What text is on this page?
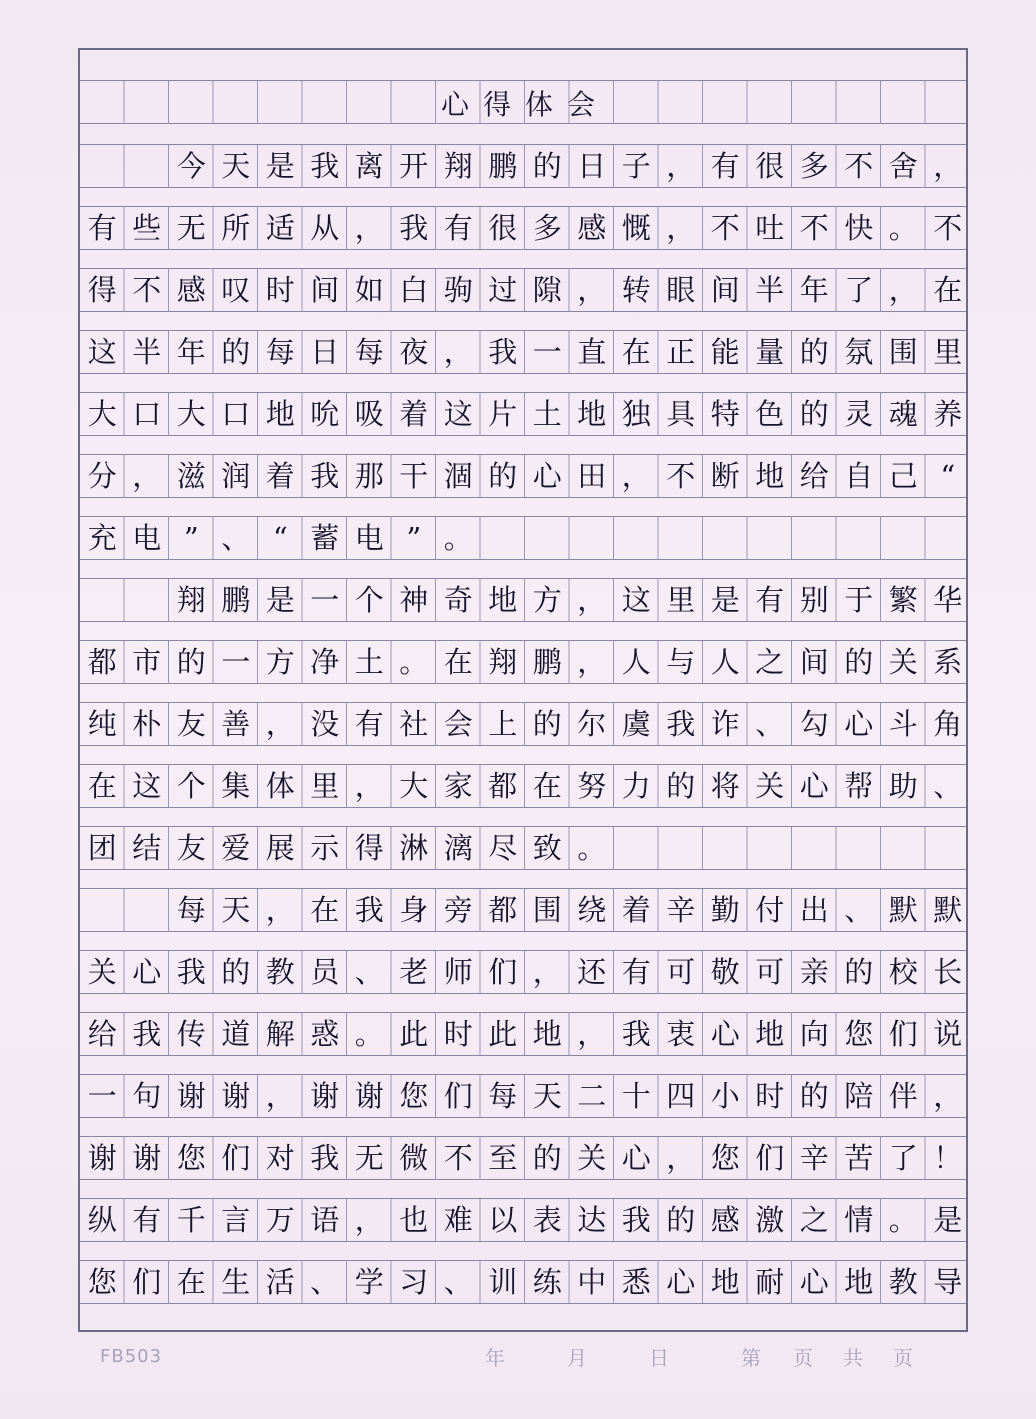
心得体会
今 天 是 我 离 开 翔 鹏 的 日 子 ， 有 很 多 不 舍 ，
有 些 无 所 适 从 ， 我 有 很 多 感 慨 ， 不 吐 不 快 。 不
得 不 感 叹 时 间 如 白 驹 过 隙 ， 转 眼 间 半 年 了 ， 在
这 半 年 的 每 日 每 夜 ， 我 一 直 在 正 能 量 的 氛 围 里
大 口 大 口 地 吮 吸 着 这 片 土 地 独 具 特 色 的 灵 魂 养
分 ， 滋 润 着 我 那 干 涸 的 心 田 ， 不 断 地 给 自 己 “
充 电 ” 、 “ 蓄 电 ” 。
翔 鹏 是 一 个 神 奇 地 方 ， 这 里 是 有 别 于 繁 华
都 市 的 一 方 净 土 。 在 翔 鹏 ， 人 与 人 之 间 的 关 系
纯 朴 友 善 ， 没 有 社 会 上 的 尔 虞 我 诈 、 勾 心 斗 角
在 这 个 集 体 里 ， 大 家 都 在 努 力 的 将 关 心 帮 助 、
团 结 友 爱 展 示 得 淋 漓 尽 致 。
每 天 ， 在 我 身 旁 都 围 绕 着 辛 勤 付 出 、 默 默
关 心 我 的 教 员 、 老 师 们 ， 还 有 可 敬 可 亲 的 校 长
给 我 传 道 解 惑 。 此 时 此 地 ， 我 衷 心 地 向 您 们 说
一 句 谢 谢 ， 谢 谢 您 们 每 天 二 十 四 小 时 的 陪 伴 ，
谢 谢 您 们 对 我 无 微 不 至 的 关 心 ， 您 们 辛 苦 了 ！
纵 有 千 言 万 语 ， 也 难 以 表 达 我 的 感 激 之 情 。 是
您 们 在 生 活 、 学 习 、 训 练 中 悉 心 地 耐 心 地 教 导
FB503	年	月	日	第 页 共 页
